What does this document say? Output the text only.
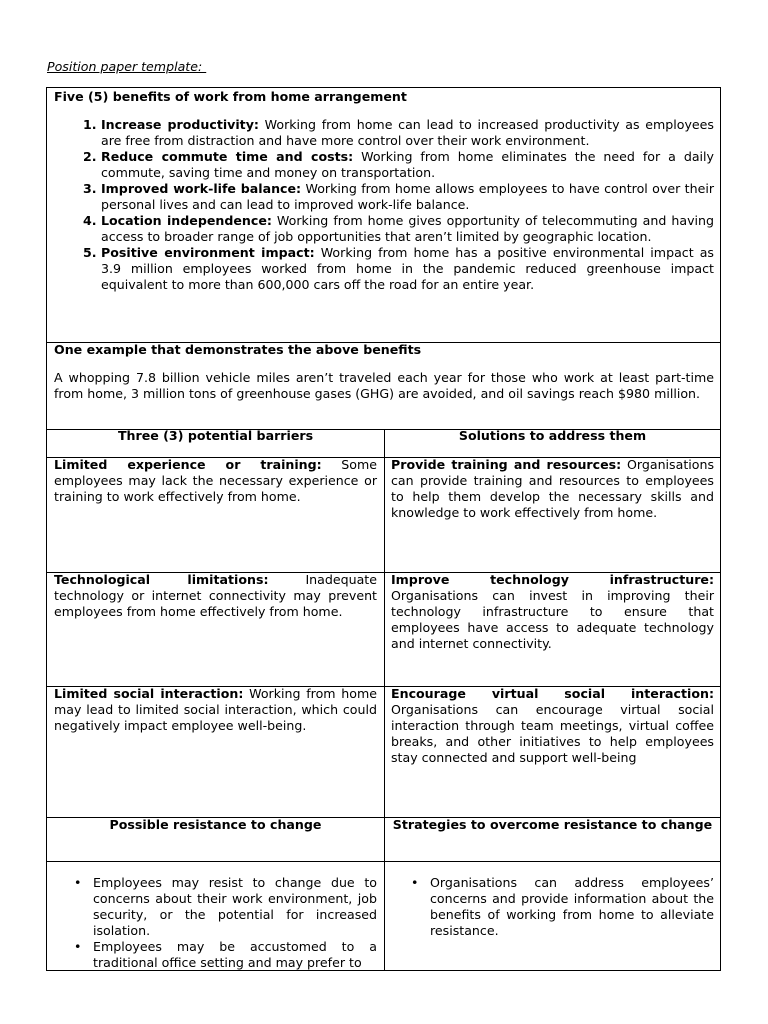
Position paper template:
Five (5) benefits of work from home arrangement
1. Increase productivity: Working from home can lead to increased productivity as employees are free from distraction and have more control over their work environment.
2. Reduce commute time and costs: Working from home eliminates the need for a daily commute, saving time and money on transportation.
3. Improved work-life balance: Working from home allows employees to have control over their personal lives and can lead to improved work-life balance.
4. Location independence: Working from home gives opportunity of telecommuting and having access to broader range of job opportunities that aren’t limited by geographic location.
5. Positive environment impact: Working from home has a positive environmental impact as 3.9 million employees worked from home in the pandemic reduced greenhouse impact equivalent to more than 600,000 cars off the road for an entire year.
One example that demonstrates the above benefits
A whopping 7.8 billion vehicle miles aren’t traveled each year for those who work at least part-time from home, 3 million tons of greenhouse gases (GHG) are avoided, and oil savings reach $980 million.
Three (3) potential barriers	Solutions to address them
Limited experience or training: Some employees may lack the necessary experience or training to work effectively from home.
Provide training and resources: Organisations can provide training and resources to employees to help them develop the necessary skills and knowledge to work effectively from home.
Technological limitations: Inadequate technology or internet connectivity may prevent employees from home effectively from home.
Improve technology infrastructure: Organisations can invest in improving their technology infrastructure to ensure that employees have access to adequate technology and internet connectivity.
Limited social interaction: Working from home may lead to limited social interaction, which could negatively impact employee well-being.
Encourage virtual social interaction: Organisations can encourage virtual social interaction through team meetings, virtual coffee breaks, and other initiatives to help employees stay connected and support well-being
Possible resistance to change	Strategies to overcome resistance to change
• Employees may resist to change due to concerns about their work environment, job security, or the potential for increased isolation.
• Employees may be accustomed to a traditional office setting and may prefer to
• Organisations can address employees’ concerns and provide information about the benefits of working from home to alleviate resistance.
